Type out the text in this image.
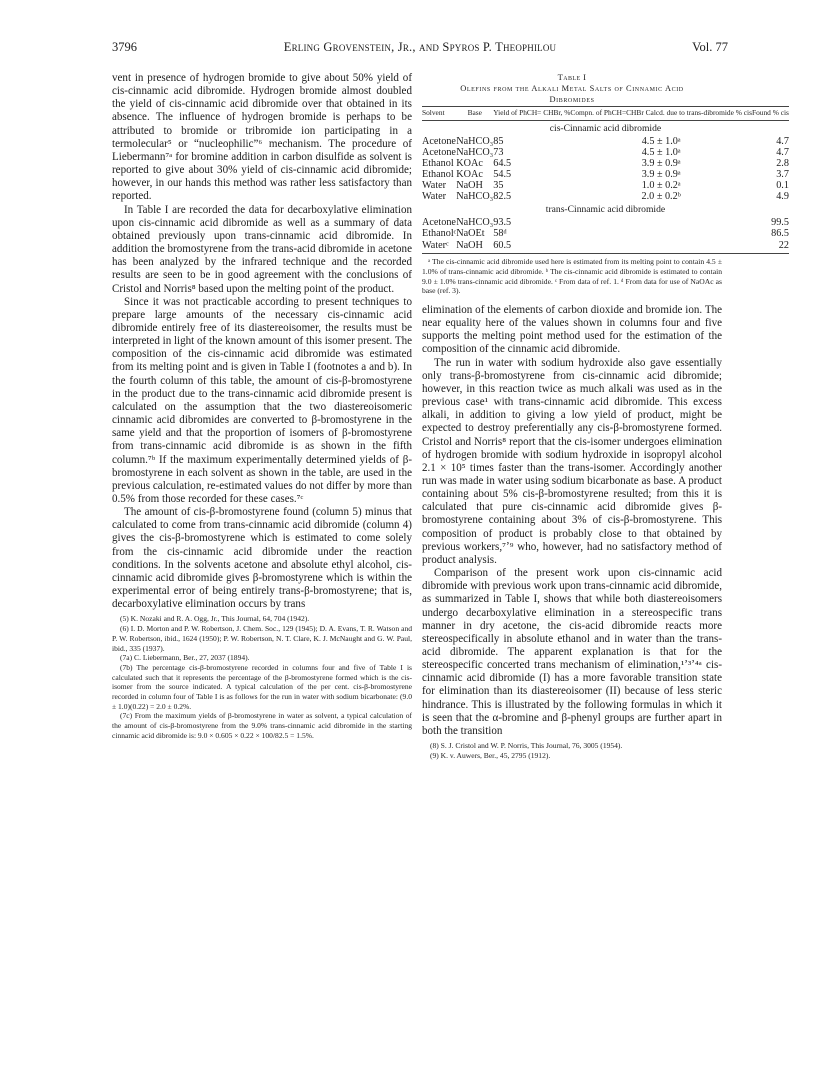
3796	Erling Grovenstein, Jr., and Spyros P. Theophilou	Vol. 77

vent in presence of hydrogen bromide to give about 50% yield of cis-cinnamic acid dibromide. Hydrogen bromide almost doubled the yield of cis-cinnamic acid dibromide over that obtained in its absence. The influence of hydrogen bromide is perhaps to be attributed to bromide or tribromide ion participating in a termolecular⁵ or “nucleophilic”⁶ mechanism. The procedure of Liebermann⁷ᵃ for bromine addition in carbon disulfide as solvent is reported to give about 30% yield of cis-cinnamic acid dibromide; however, in our hands this method was rather less satisfactory than reported.

In Table I are recorded the data for decarboxylative elimination upon cis-cinnamic acid dibromide as well as a summary of data obtained previously upon trans-cinnamic acid dibromide. In addition the bromostyrene from the trans-acid dibromide in acetone has been analyzed by the infrared technique and the recorded results are seen to be in good agreement with the conclusions of Cristol and Norris⁸ based upon the melting point of the product.

Since it was not practicable according to present techniques to prepare large amounts of the necessary cis-cinnamic acid dibromide entirely free of its diastereoisomer, the results must be interpreted in light of the known amount of this isomer present. The composition of the cis-cinnamic acid dibromide was estimated from its melting point and is given in Table I (footnotes a and b). In the fourth column of this table, the amount of cis-β-bromostyrene in the product due to the trans-cinnamic acid dibromide present is calculated on the assumption that the two diastereoisomeric cinnamic acid dibromides are converted to β-bromostyrene in the same yield and that the proportion of isomers of β-bromostyrene from trans-cinnamic acid dibromide is as shown in the fifth column.⁷ᵇ If the maximum experimentally determined yields of β-bromostyrene in each solvent as shown in the table, are used in the previous calculation, re-estimated values do not differ by more than 0.5% from those recorded for these cases.⁷ᶜ

The amount of cis-β-bromostyrene found (column 5) minus that calculated to come from trans-cinnamic acid dibromide (column 4) gives the cis-β-bromostyrene which is estimated to come solely from the cis-cinnamic acid dibromide under the reaction conditions. In the solvents acetone and absolute ethyl alcohol, cis-cinnamic acid dibromide gives β-bromostyrene which is within the experimental error of being entirely trans-β-bromostyrene; that is, decarboxylative elimination occurs by trans

(5) K. Nozaki and R. A. Ogg, Jr., This Journal, 64, 704 (1942).

(6) I. D. Morton and P. W. Robertson, J. Chem. Soc., 129 (1945); D. A. Evans, T. R. Watson and P. W. Robertson, ibid., 1624 (1950); P. W. Robertson, N. T. Clare, K. J. McNaught and G. W. Paul, ibid., 335 (1937).

(7a) C. Liebermann, Ber., 27, 2037 (1894).

(7b) The percentage cis-β-bromostyrene recorded in columns four and five of Table I is calculated such that it represents the percentage of the β-bromostyrene formed which is the cis-isomer from the source indicated. A typical calculation of the per cent. cis-β-bromostyrene recorded in column four of Table I is as follows for the run in water with sodium bicarbonate: (9.0 ± 1.0)(0.22) = 2.0 ± 0.2%.

(7c) From the maximum yields of β-bromostyrene in water as solvent, a typical calculation of the amount of cis-β-bromostyrene from the 9.0% trans-cinnamic acid dibromide in the starting cinnamic acid dibromide is: 9.0 × 0.605 × 0.22 × 100/82.5 = 1.5%.

Table I
Olefins from the Alkali Metal Salts of Cinnamic Acid
Dibromides

Solvent	Base	Yield of PhCH= CHBr, %	Compn. of PhCH=CHBr Calcd. due to trans-dibromide % cis	Found % cis

cis-Cinnamic acid dibromide				
Acetone	NaHCO₃	85	4.5 ± 1.0ᵃ	4.7
Acetone	NaHCO₃	73	4.5 ± 1.0ᵃ	4.7
Ethanol	KOAc	64.5	3.9 ± 0.9ᵃ	2.8
Ethanol	KOAc	54.5	3.9 ± 0.9ᵃ	3.7
Water	NaOH	35	1.0 ± 0.2ᵃ	0.1
Water	NaHCO₃	82.5	2.0 ± 0.2ᵇ	4.9
trans-Cinnamic acid dibromide				
Acetone	NaHCO₃	93.5		99.5
Ethanolᶜ	NaOEt	58ᵈ		86.5
Waterᶜ	NaOH	60.5		22

ᵃ The cis-cinnamic acid dibromide used here is estimated from its melting point to contain 4.5 ± 1.0% of trans-cinnamic acid dibromide. ᵇ The cis-cinnamic acid dibromide is estimated to contain 9.0 ± 1.0% trans-cinnamic acid dibromide. ᶜ From data of ref. 1. ᵈ From data for use of NaOAc as base (ref. 3).

elimination of the elements of carbon dioxide and bromide ion. The near equality here of the values shown in columns four and five supports the melting point method used for the estimation of the composition of the cinnamic acid dibromide.

The run in water with sodium hydroxide also gave essentially only trans-β-bromostyrene from cis-cinnamic acid dibromide; however, in this reaction twice as much alkali was used as in the previous case¹ with trans-cinnamic acid dibromide. This excess alkali, in addition to giving a low yield of product, might be expected to destroy preferentially any cis-β-bromostyrene formed. Cristol and Norris⁸ report that the cis-isomer undergoes elimination of hydrogen bromide with sodium hydroxide in isopropyl alcohol 2.1 × 10⁵ times faster than the trans-isomer. Accordingly another run was made in water using sodium bicarbonate as base. A product containing about 5% cis-β-bromostyrene resulted; from this it is calculated that pure cis-cinnamic acid dibromide gives β-bromostyrene containing about 3% of cis-β-bromostyrene. This composition of product is probably close to that obtained by previous workers,⁷ʼ⁹ who, however, had no satisfactory method of product analysis.

Comparison of the present work upon cis-cinnamic acid dibromide with previous work upon trans-cinnamic acid dibromide, as summarized in Table I, shows that while both diastereoisomers undergo decarboxylative elimination in a stereospecific trans manner in dry acetone, the cis-acid dibromide reacts more stereospecifically in absolute ethanol and in water than the trans-acid dibromide. The apparent explanation is that for the stereospecific concerted trans mechanism of elimination,¹ʼ³ʼ⁴ᵃ cis-cinnamic acid dibromide (I) has a more favorable transition state for elimination than its diastereoisomer (II) because of less steric hindrance. This is illustrated by the following formulas in which it is seen that the α-bromine and β-phenyl groups are further apart in both the transition

(8) S. J. Cristol and W. P. Norris, This Journal, 76, 3005 (1954).

(9) K. v. Auwers, Ber., 45, 2795 (1912).
